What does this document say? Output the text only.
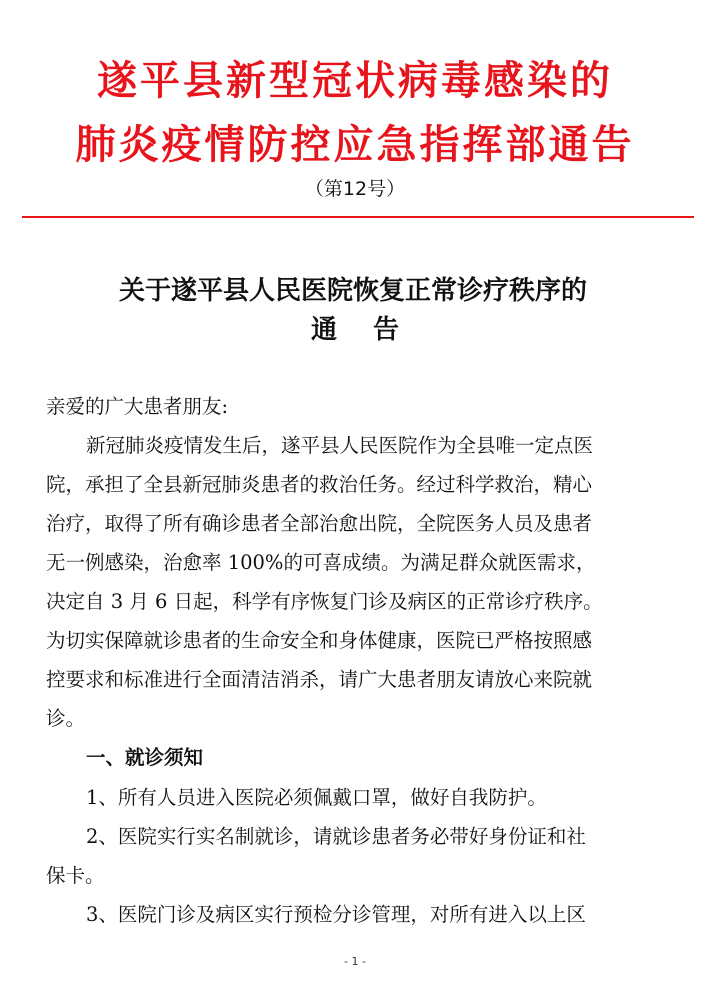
遂平县新型冠状病毒感染的
肺炎疫情防控应急指挥部通告
（第12号）
关于遂平县人民医院恢复正常诊疗秩序的
通告
亲爱的广大患者朋友:
新冠肺炎疫情发生后，遂平县人民医院作为全县唯一定点医
院，承担了全县新冠肺炎患者的救治任务。经过科学救治，精心
治疗，取得了所有确诊患者全部治愈出院，全院医务人员及患者
无一例感染，治愈率 100%的可喜成绩。为满足群众就医需求，
决定自 3 月 6 日起，科学有序恢复门诊及病区的正常诊疗秩序。
为切实保障就诊患者的生命安全和身体健康，医院已严格按照感
控要求和标准进行全面清洁消杀，请广大患者朋友请放心来院就
诊。
一、就诊须知
1、所有人员进入医院必须佩戴口罩，做好自我防护。
2、医院实行实名制就诊，请就诊患者务必带好身份证和社
保卡。
3、医院门诊及病区实行预检分诊管理，对所有进入以上区
- 1 -
